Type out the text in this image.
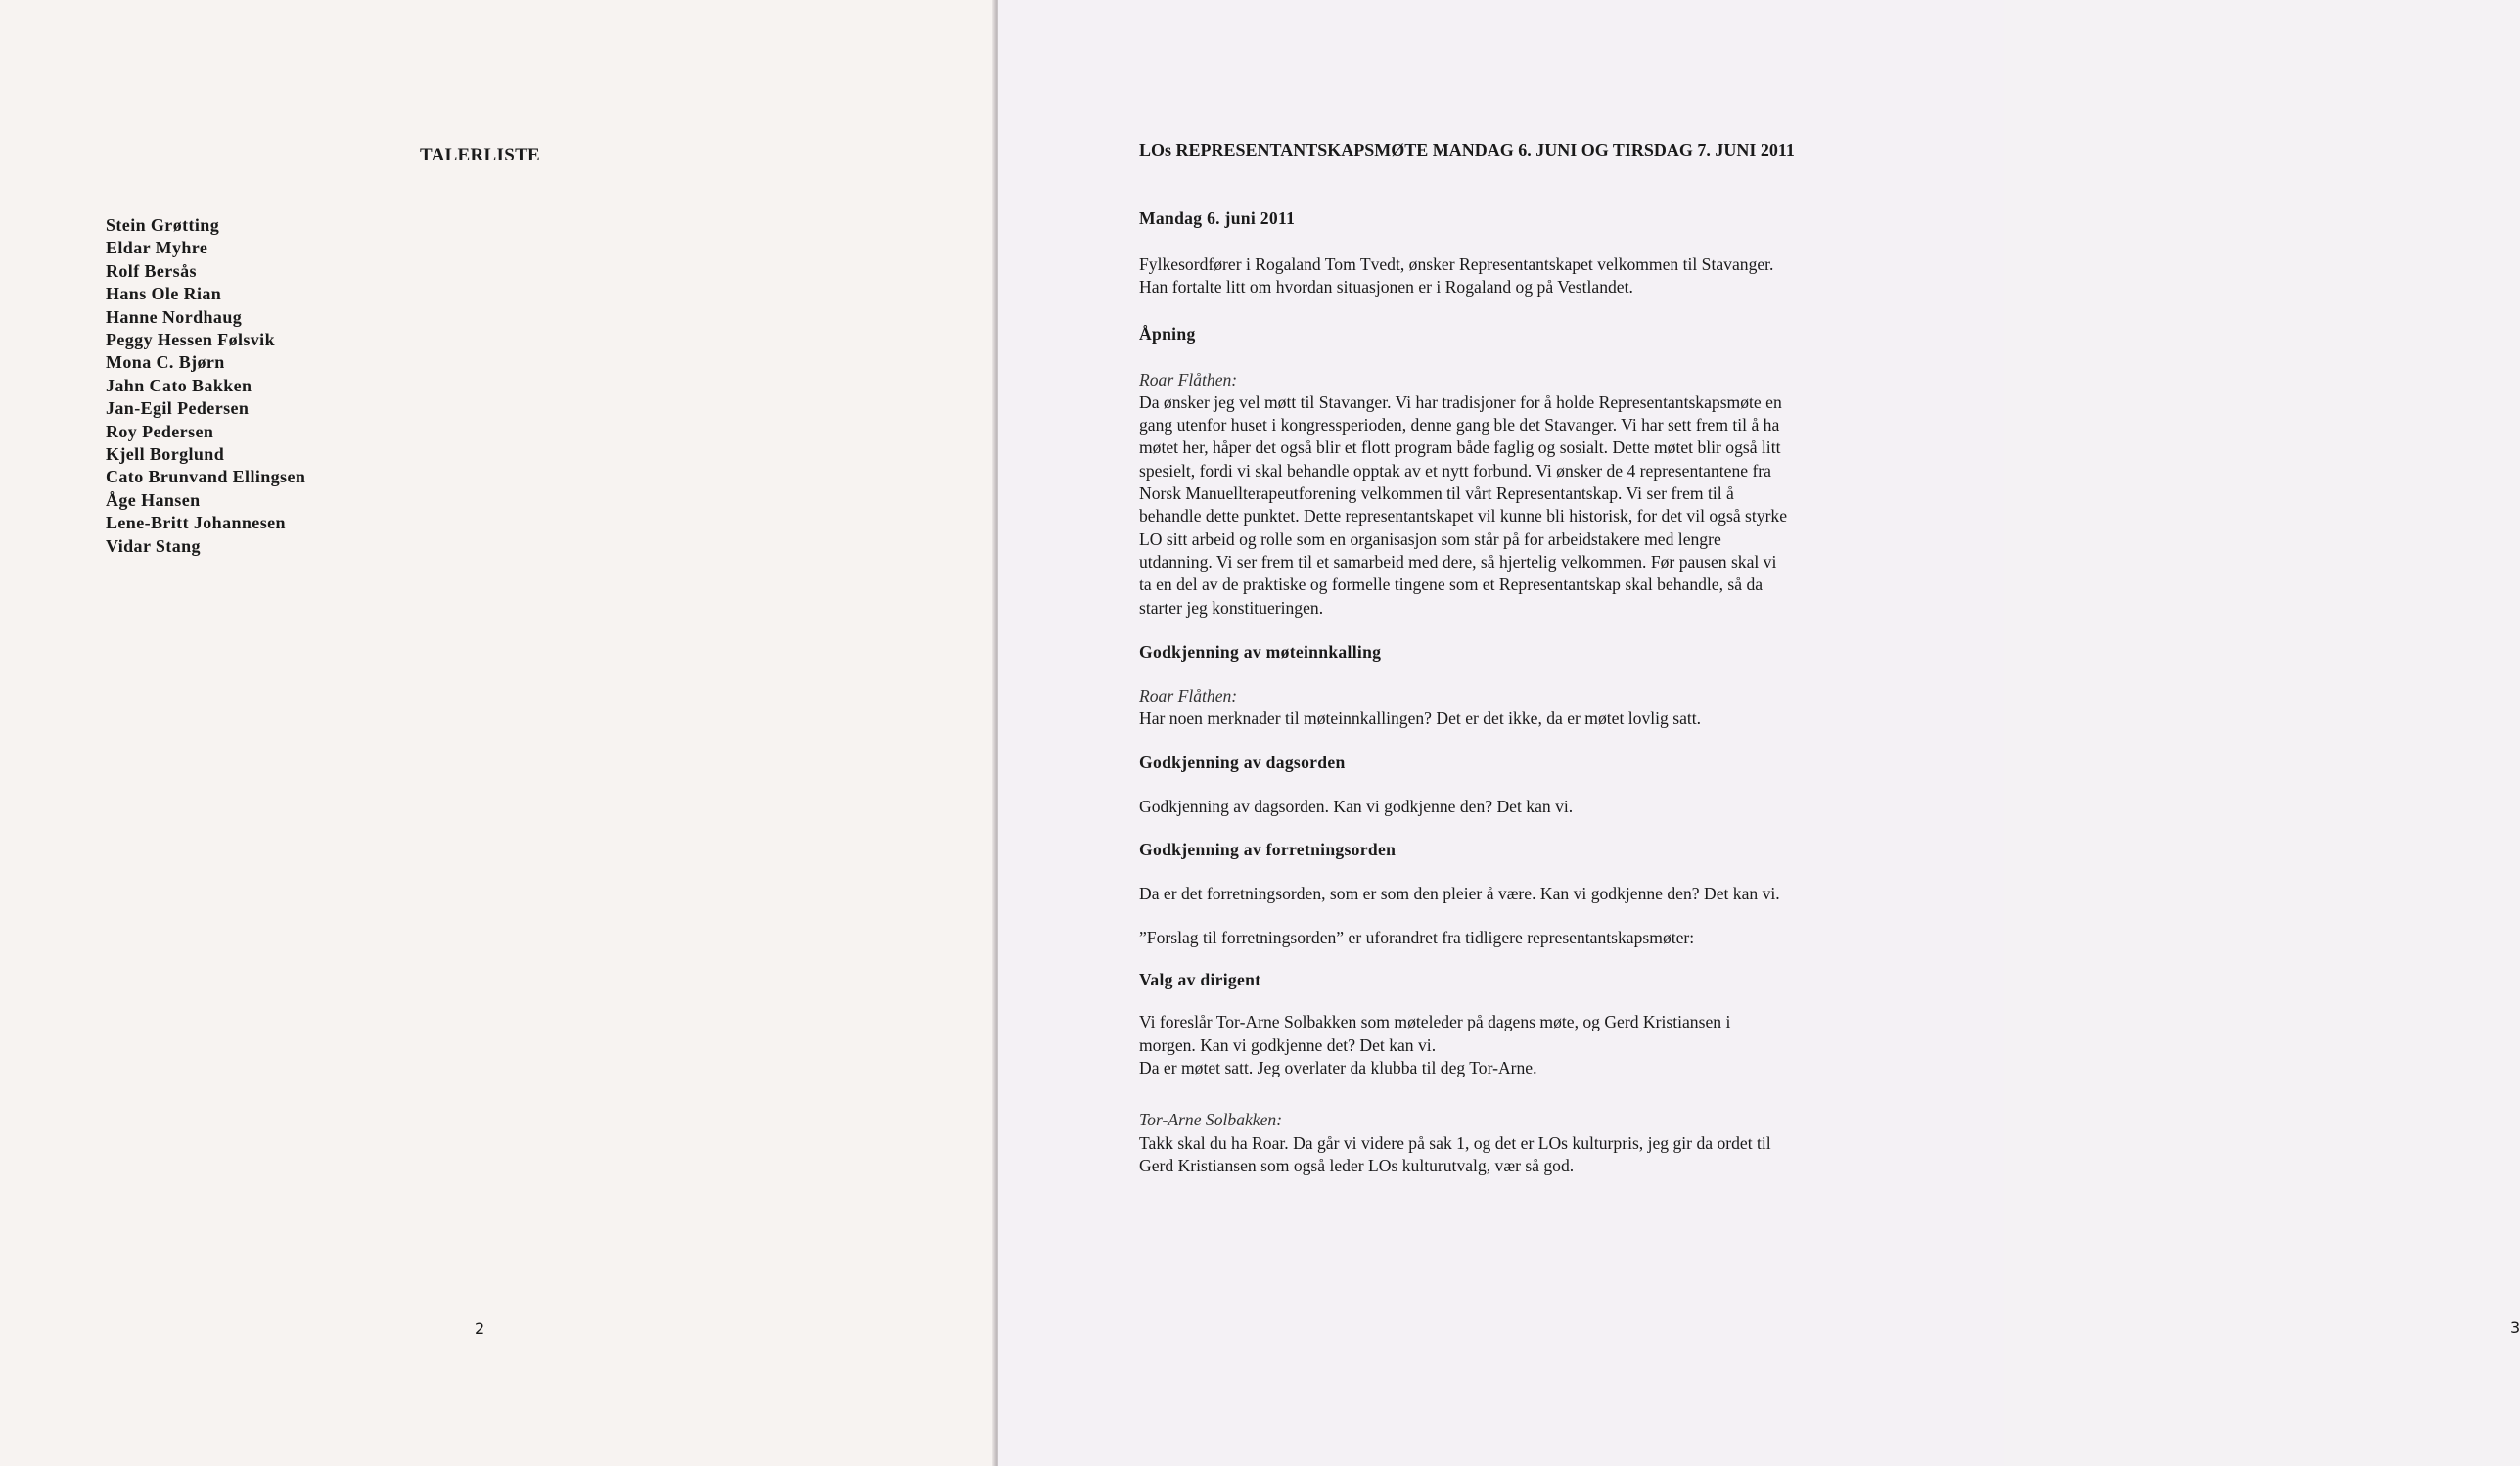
TALERLISTE
Stein Grøtting
Eldar Myhre
Rolf Bersås
Hans Ole Rian
Hanne Nordhaug
Peggy Hessen Følsvik
Mona C. Bjørn
Jahn Cato Bakken
Jan-Egil Pedersen
Roy Pedersen
Kjell Borglund
Cato Brunvand Ellingsen
Åge Hansen
Lene-Britt Johannesen
Vidar Stang
2	3
LOs REPRESENTANTSKAPSMØTE MANDAG 6. JUNI OG TIRSDAG 7. JUNI 2011

Mandag 6. juni 2011

Fylkesordfører i Rogaland Tom Tvedt, ønsker Representantskapet velkommen til Stavanger.

Han fortalte litt om hvordan situasjonen er i Rogaland og på Vestlandet.

Åpning

Roar Flåthen:

Da ønsker jeg vel møtt til Stavanger. Vi har tradisjoner for å holde Representantskapsmøte en

gang utenfor huset i kongressperioden, denne gang ble det Stavanger. Vi har sett frem til å ha

møtet her, håper det også blir et flott program både faglig og sosialt. Dette møtet blir også litt

spesielt, fordi vi skal behandle opptak av et nytt forbund. Vi ønsker de 4 representantene fra

Norsk Manuellterapeutforening velkommen til vårt Representantskap. Vi ser frem til å

behandle dette punktet. Dette representantskapet vil kunne bli historisk, for det vil også styrke

LO sitt arbeid og rolle som en organisasjon som står på for arbeidstakere med lengre

utdanning. Vi ser frem til et samarbeid med dere, så hjertelig velkommen. Før pausen skal vi

ta en del av de praktiske og formelle tingene som et Representantskap skal behandle, så da

starter jeg konstitueringen.

Godkjenning av møteinnkalling

Roar Flåthen:

Har noen merknader til møteinnkallingen? Det er det ikke, da er møtet lovlig satt.

Godkjenning av dagsorden

Godkjenning av dagsorden. Kan vi godkjenne den? Det kan vi.

Godkjenning av forretningsorden

Da er det forretningsorden, som er som den pleier å være. Kan vi godkjenne den? Det kan vi.

”Forslag til forretningsorden” er uforandret fra tidligere representantskapsmøter:

Valg av dirigent

Vi foreslår Tor-Arne Solbakken som møteleder på dagens møte, og Gerd Kristiansen i

morgen. Kan vi godkjenne det? Det kan vi.

Da er møtet satt. Jeg overlater da klubba til deg Tor-Arne.

Tor-Arne Solbakken:

Takk skal du ha Roar. Da går vi videre på sak 1, og det er LOs kulturpris, jeg gir da ordet til

Gerd Kristiansen som også leder LOs kulturutvalg, vær så god.
